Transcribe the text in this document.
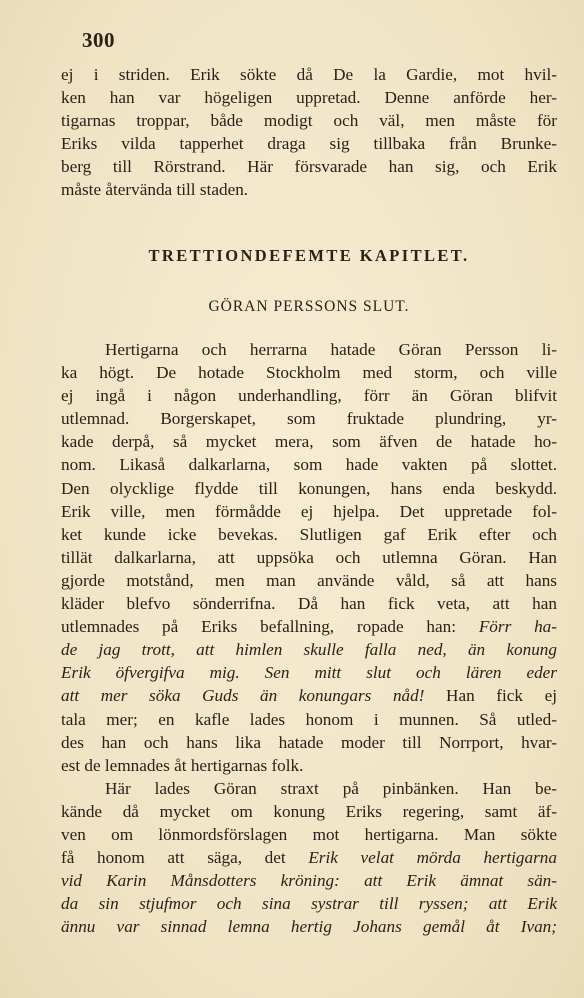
300
ej i striden. Erik sökte då De la Gardie, mot hvil-
ken han var högeligen uppretad. Denne anförde her-
tigarnas troppar, både modigt och väl, men måste för
Eriks vilda tapperhet draga sig tillbaka från Brunke-
berg till Rörstrand. Här försvarade han sig, och Erik
måste återvända till staden.
TRETTIONDEFEMTE KAPITLET.
GÖRAN PERSSONS SLUT.
Hertigarna och herrarna hatade Göran Persson li-
ka högt. De hotade Stockholm med storm, och ville
ej ingå i någon underhandling, förr än Göran blifvit
utlemnad. Borgerskapet, som fruktade plundring, yr-
kade derpå, så mycket mera, som äfven de hatade ho-
nom. Likaså dalkarlarna, som hade vakten på slottet.
Den olycklige flydde till konungen, hans enda beskydd.
Erik ville, men förmådde ej hjelpa. Det uppretade fol-
ket kunde icke bevekas. Slutligen gaf Erik efter och
tillät dalkarlarna, att uppsöka och utlemna Göran. Han
gjorde motstånd, men man använde våld, så att hans
kläder blefvo sönderrifna. Då han fick veta, att han
utlemnades på Eriks befallning, ropade han: Förr ha-
de jag trott, att himlen skulle falla ned, än konung
Erik öfvergifva mig. Sen mitt slut och lären eder
att mer söka Guds än konungars nåd! Han fick ej
tala mer; en kafle lades honom i munnen. Så utled-
des han och hans lika hatade moder till Norrport, hvar-
est de lemnades åt hertigarnas folk.
Här lades Göran straxt på pinbänken. Han be-
kände då mycket om konung Eriks regering, samt äf-
ven om lönmordsförslagen mot hertigarna. Man sökte
få honom att säga, det Erik velat mörda hertigarna
vid Karin Månsdotters kröning: att Erik ämnat sän-
da sin stjufmor och sina systrar till ryssen; att Erik
ännu var sinnad lemna hertig Johans gemål åt Ivan;
